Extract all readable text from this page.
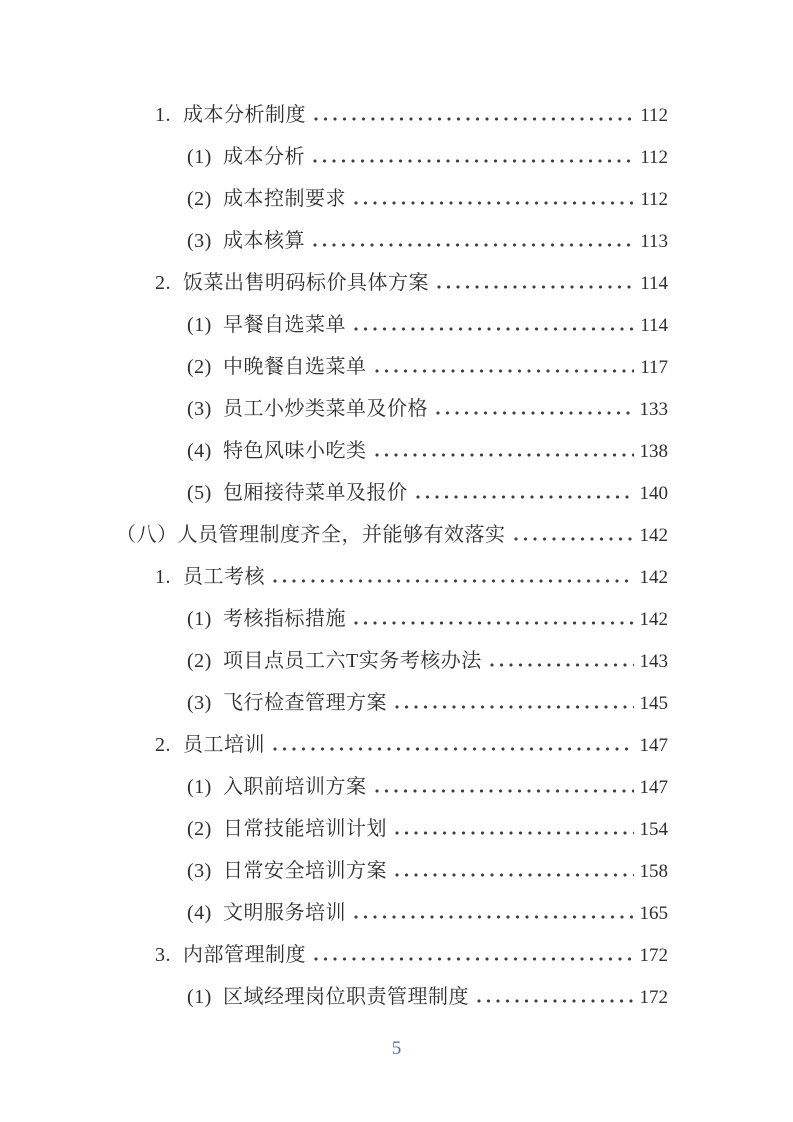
1. 成本分析制度	112
(1) 成本分析	112
(2) 成本控制要求	112
(3) 成本核算	113
2. 饭菜出售明码标价具体方案	114
(1) 早餐自选菜单	114
(2) 中晚餐自选菜单	117
(3) 员工小炒类菜单及价格	133
(4) 特色风味小吃类	138
(5) 包厢接待菜单及报价	140
（八） 人员管理制度齐全，并能够有效落实	142
1. 员工考核	142
(1) 考核指标措施	142
(2) 项目点员工六T实务考核办法	143
(3) 飞行检查管理方案	145
2. 员工培训	147
(1) 入职前培训方案	147
(2) 日常技能培训计划	154
(3) 日常安全培训方案	158
(4) 文明服务培训	165
3. 内部管理制度	172
(1) 区域经理岗位职责管理制度	172
5
